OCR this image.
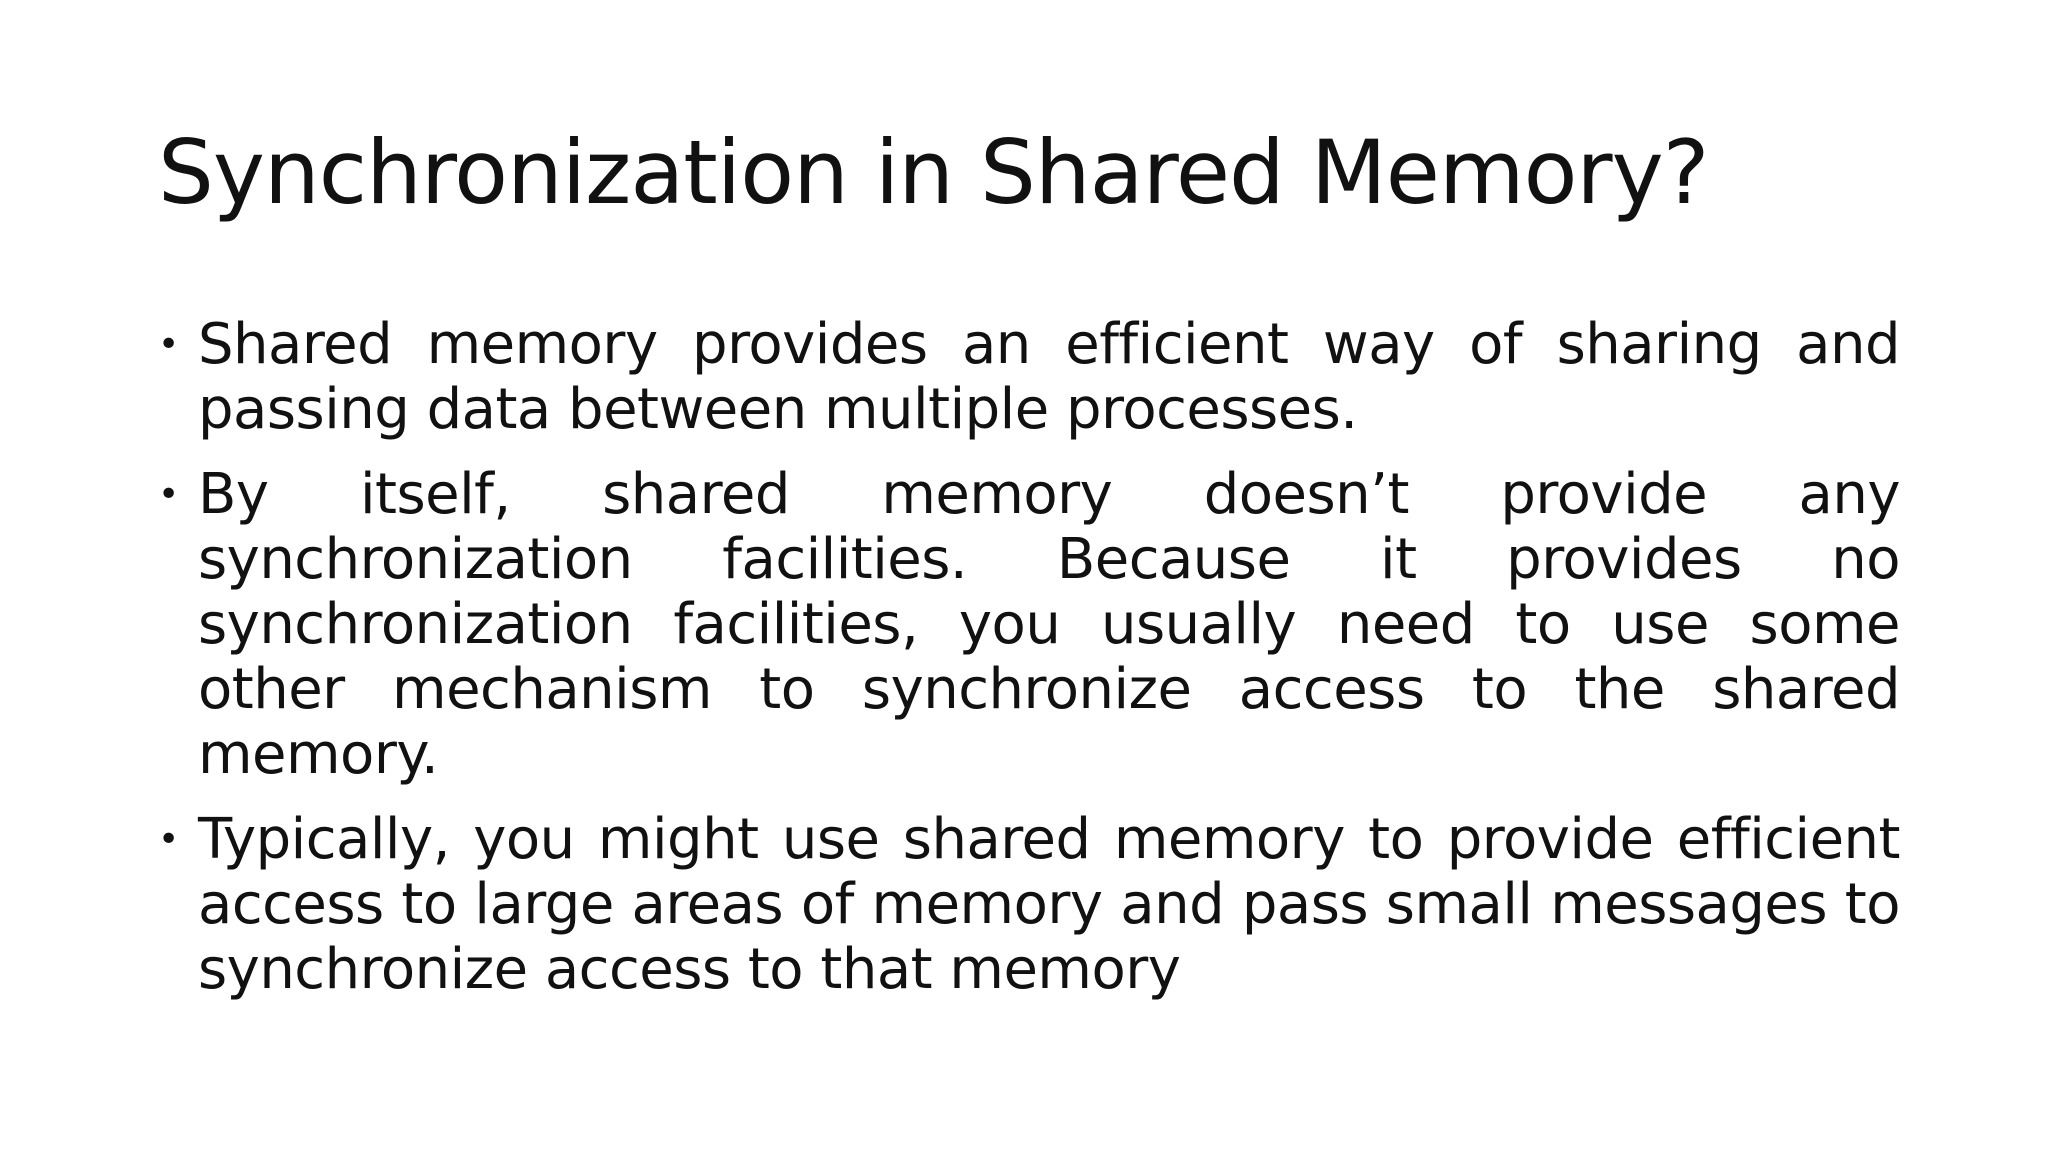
Synchronization in Shared Memory?
• Shared memory provides an efficient way of sharing and passing data between multiple processes.
• By itself, shared memory doesn’t provide any synchronization facilities. Because it provides no synchronization facilities, you usually need to use some other mechanism to synchronize access to the shared memory.
• Typically, you might use shared memory to provide efficient access to large areas of memory and pass small messages to synchronize access to that memory
